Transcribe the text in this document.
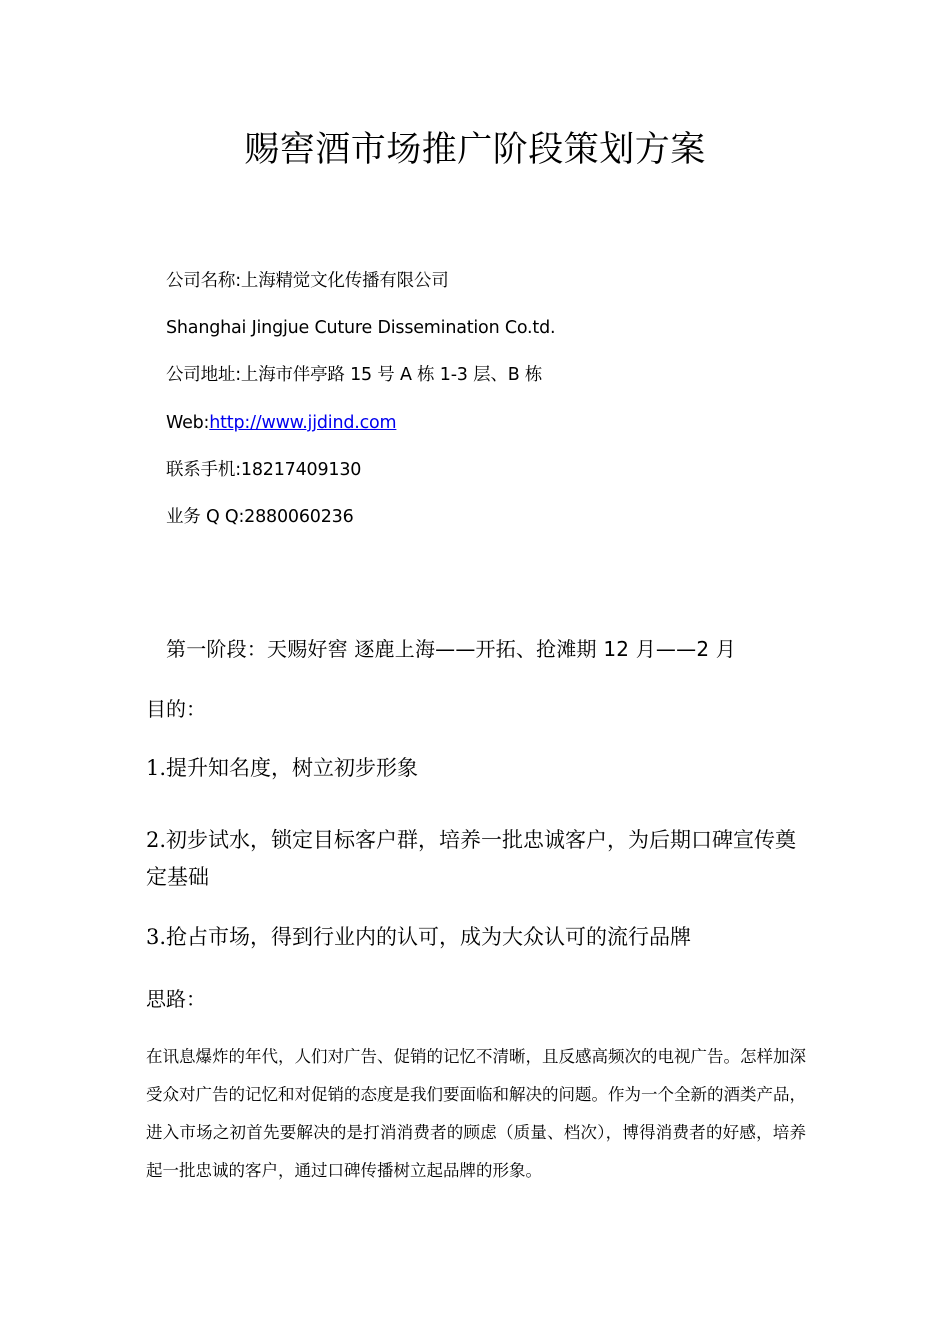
赐窖酒市场推广阶段策划方案
公司名称:上海精觉文化传播有限公司
Shanghai Jingjue Cuture Dissemination Co.td.
公司地址:上海市伴亭路 15 号 A 栋 1-3 层、B 栋
Web:http://www.jjdind.com
联系手机:18217409130
业务 Q Q:2880060236
第一阶段：天赐好窖 逐鹿上海——开拓、抢滩期 12 月——2 月
目的：
1.提升知名度，树立初步形象
2.初步试水，锁定目标客户群，培养一批忠诚客户，为后期口碑宣传奠定基础
3.抢占市场，得到行业内的认可，成为大众认可的流行品牌
思路：
在讯息爆炸的年代，人们对广告、促销的记忆不清晰，且反感高频次的电视广告。怎样加深受众对广告的记忆和对促销的态度是我们要面临和解决的问题。作为一个全新的酒类产品，进入市场之初首先要解决的是打消消费者的顾虑（质量、档次），博得消费者的好感，培养起一批忠诚的客户，通过口碑传播树立起品牌的形象。
